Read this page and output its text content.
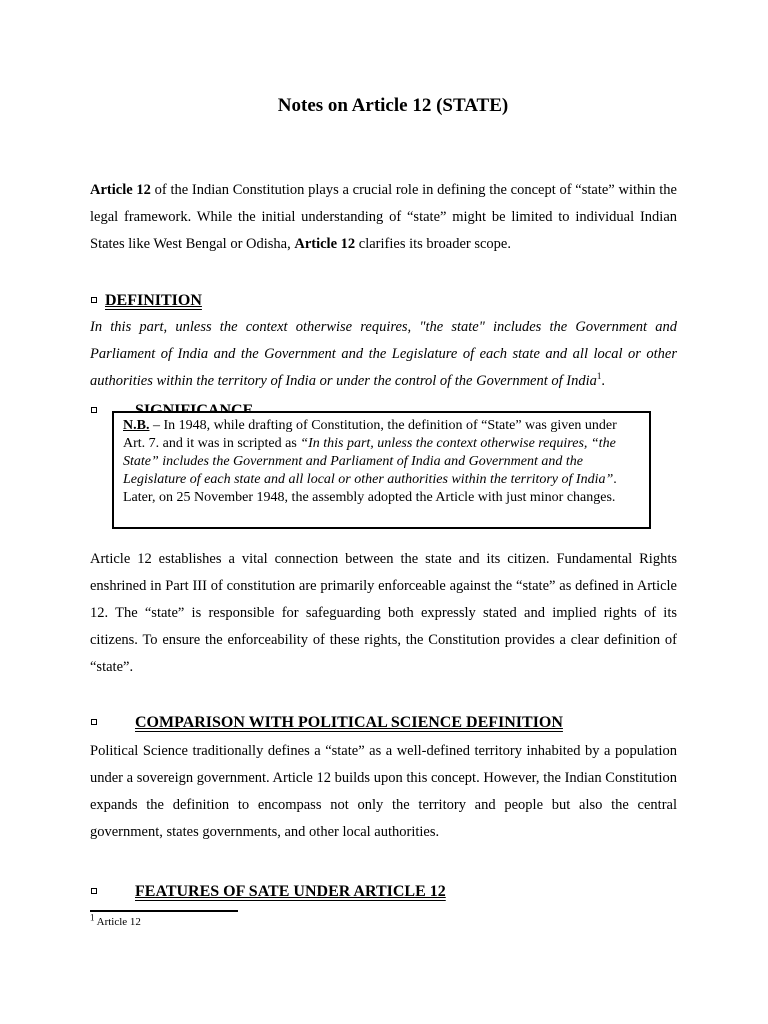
Notes on Article 12 (STATE)

Article 12 of the Indian Constitution plays a crucial role in defining the concept of “state” within the legal framework. While the initial understanding of “state” might be limited to individual Indian States like West Bengal or Odisha, Article 12 clarifies its broader scope.

DEFINITION

In this part, unless the context otherwise requires, "the state" includes the Government and Parliament of India and the Government and the Legislature of each state and all local or other authorities within the territory of India or under the control of the Government of India$^1$.

N.B. – In 1948, while drafting of Constitution, the definition of “State” was given under Art. 7. and it was in scripted as “In this part, unless the context otherwise requires, “the State” includes the Government and Parliament of India and Government and the Legislature of each state and all local or other authorities within the territory of India”. Later, on 25 November 1948, the assembly adopted the Article with just minor changes.

Article 12 establishes a vital connection between the state and its citizen. Fundamental Rights enshrined in Part III of constitution are primarily enforceable against the “state” as defined in Article 12. The “state” is responsible for safeguarding both expressly stated and implied rights of its citizens. To ensure the enforceability of these rights, the Constitution provides a clear definition of “state”.

COMPARISON WITH POLITICAL SCIENCE DEFINITION

Political Science traditionally defines a “state” as a well-defined territory inhabited by a population under a sovereign government. Article 12 builds upon this concept. However, the Indian Constitution expands the definition to encompass not only the territory and people but also the central government, states governments, and other local authorities.

FEATURES OF SATE UNDER ARTICLE 12
$^1$ Article 12
